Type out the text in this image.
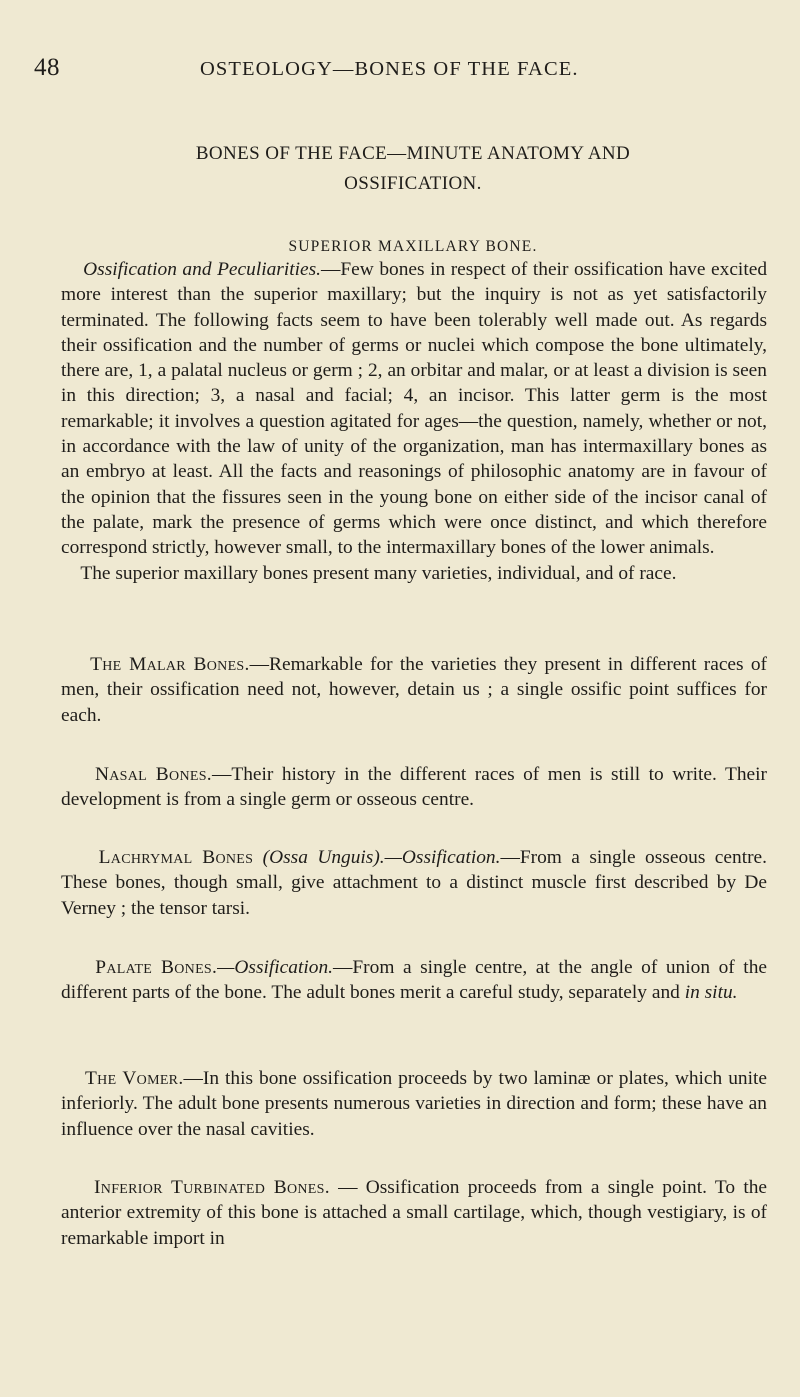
48	OSTEOLOGY—BONES OF THE FACE.
BONES OF THE FACE—MINUTE ANATOMY AND
OSSIFICATION.
SUPERIOR MAXILLARY BONE.

Ossification and Peculiarities.—Few bones in respect of their ossification have excited more interest than the superior maxillary; but the inquiry is not as yet satisfactorily terminated. The following facts seem to have been tolerably well made out. As regards their ossification and the number of germs or nuclei which compose the bone ultimately, there are, 1, a palatal nucleus or germ ; 2, an orbitar and malar, or at least a division is seen in this direction; 3, a nasal and facial; 4, an incisor. This latter germ is the most remarkable; it involves a question agitated for ages—the question, namely, whether or not, in accordance with the law of unity of the organization, man has intermaxillary bones as an embryo at least. All the facts and reasonings of philosophic anatomy are in favour of the opinion that the fissures seen in the young bone on either side of the incisor canal of the palate, mark the presence of germs which were once distinct, and which therefore correspond strictly, however small, to the intermaxillary bones of the lower animals.

The superior maxillary bones present many varieties, individual, and of race.

The Malar Bones.—Remarkable for the varieties they present in different races of men, their ossification need not, however, detain us ; a single ossific point suffices for each.

Nasal Bones.—Their history in the different races of men is still to write. Their development is from a single germ or osseous centre.

Lachrymal Bones (Ossa Unguis).—Ossification.—From a single osseous centre. These bones, though small, give attachment to a distinct muscle first described by De Verney ; the tensor tarsi.

Palate Bones.—Ossification.—From a single centre, at the angle of union of the different parts of the bone. The adult bones merit a careful study, separately and in situ.

The Vomer.—In this bone ossification proceeds by two laminæ or plates, which unite inferiorly. The adult bone presents numerous varieties in direction and form; these have an influence over the nasal cavities.

Inferior Turbinated Bones. — Ossification proceeds from a single point. To the anterior extremity of this bone is attached a small cartilage, which, though vestigiary, is of remarkable import in
